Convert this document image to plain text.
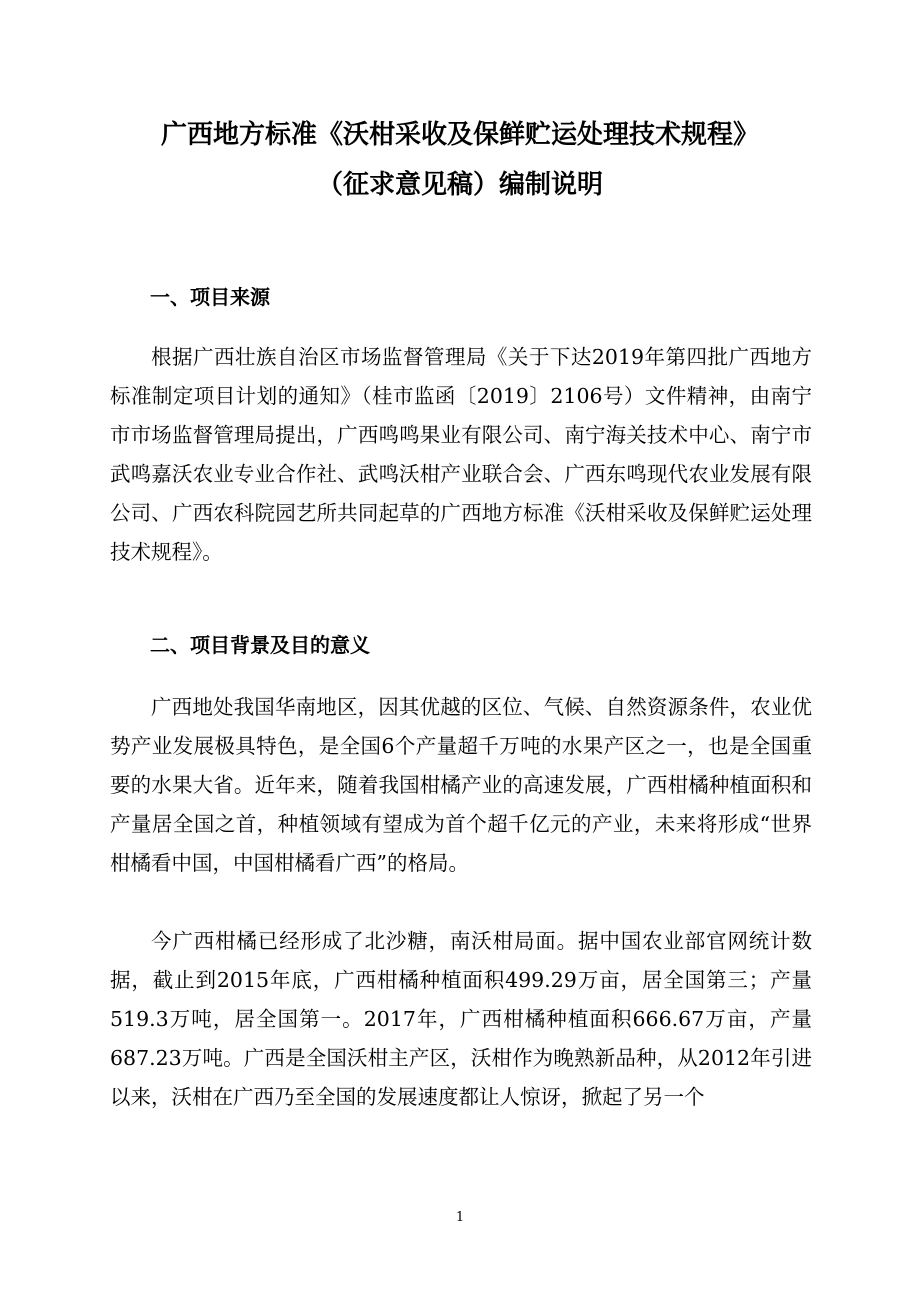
广西地方标准《沃柑采收及保鲜贮运处理技术规程》
（征求意见稿）编制说明
一、项目来源

根据广西壮族自治区市场监督管理局《关于下达2019年第四批广西地方标准制定项目计划的通知》（桂市监函〔2019〕2106号）文件精神，由南宁市市场监督管理局提出，广西鸣鸣果业有限公司、南宁海关技术中心、南宁市武鸣嘉沃农业专业合作社、武鸣沃柑产业联合会、广西东鸣现代农业发展有限公司、广西农科院园艺所共同起草的广西地方标准《沃柑采收及保鲜贮运处理技术规程》。

二、项目背景及目的意义

广西地处我国华南地区，因其优越的区位、气候、自然资源条件，农业优势产业发展极具特色，是全国6个产量超千万吨的水果产区之一，也是全国重要的水果大省。近年来，随着我国柑橘产业的高速发展，广西柑橘种植面积和产量居全国之首，种植领域有望成为首个超千亿元的产业，未来将形成“世界柑橘看中国，中国柑橘看广西”的格局。

今广西柑橘已经形成了北沙糖，南沃柑局面。据中国农业部官网统计数据，截止到2015年底，广西柑橘种植面积499.29万亩，居全国第三；产量519.3万吨，居全国第一。2017年，广西柑橘种植面积666.67万亩，产量687.23万吨。广西是全国沃柑主产区，沃柑作为晚熟新品种，从2012年引进以来，沃柑在广西乃至全国的发展速度都让人惊讶，掀起了另一个

1
